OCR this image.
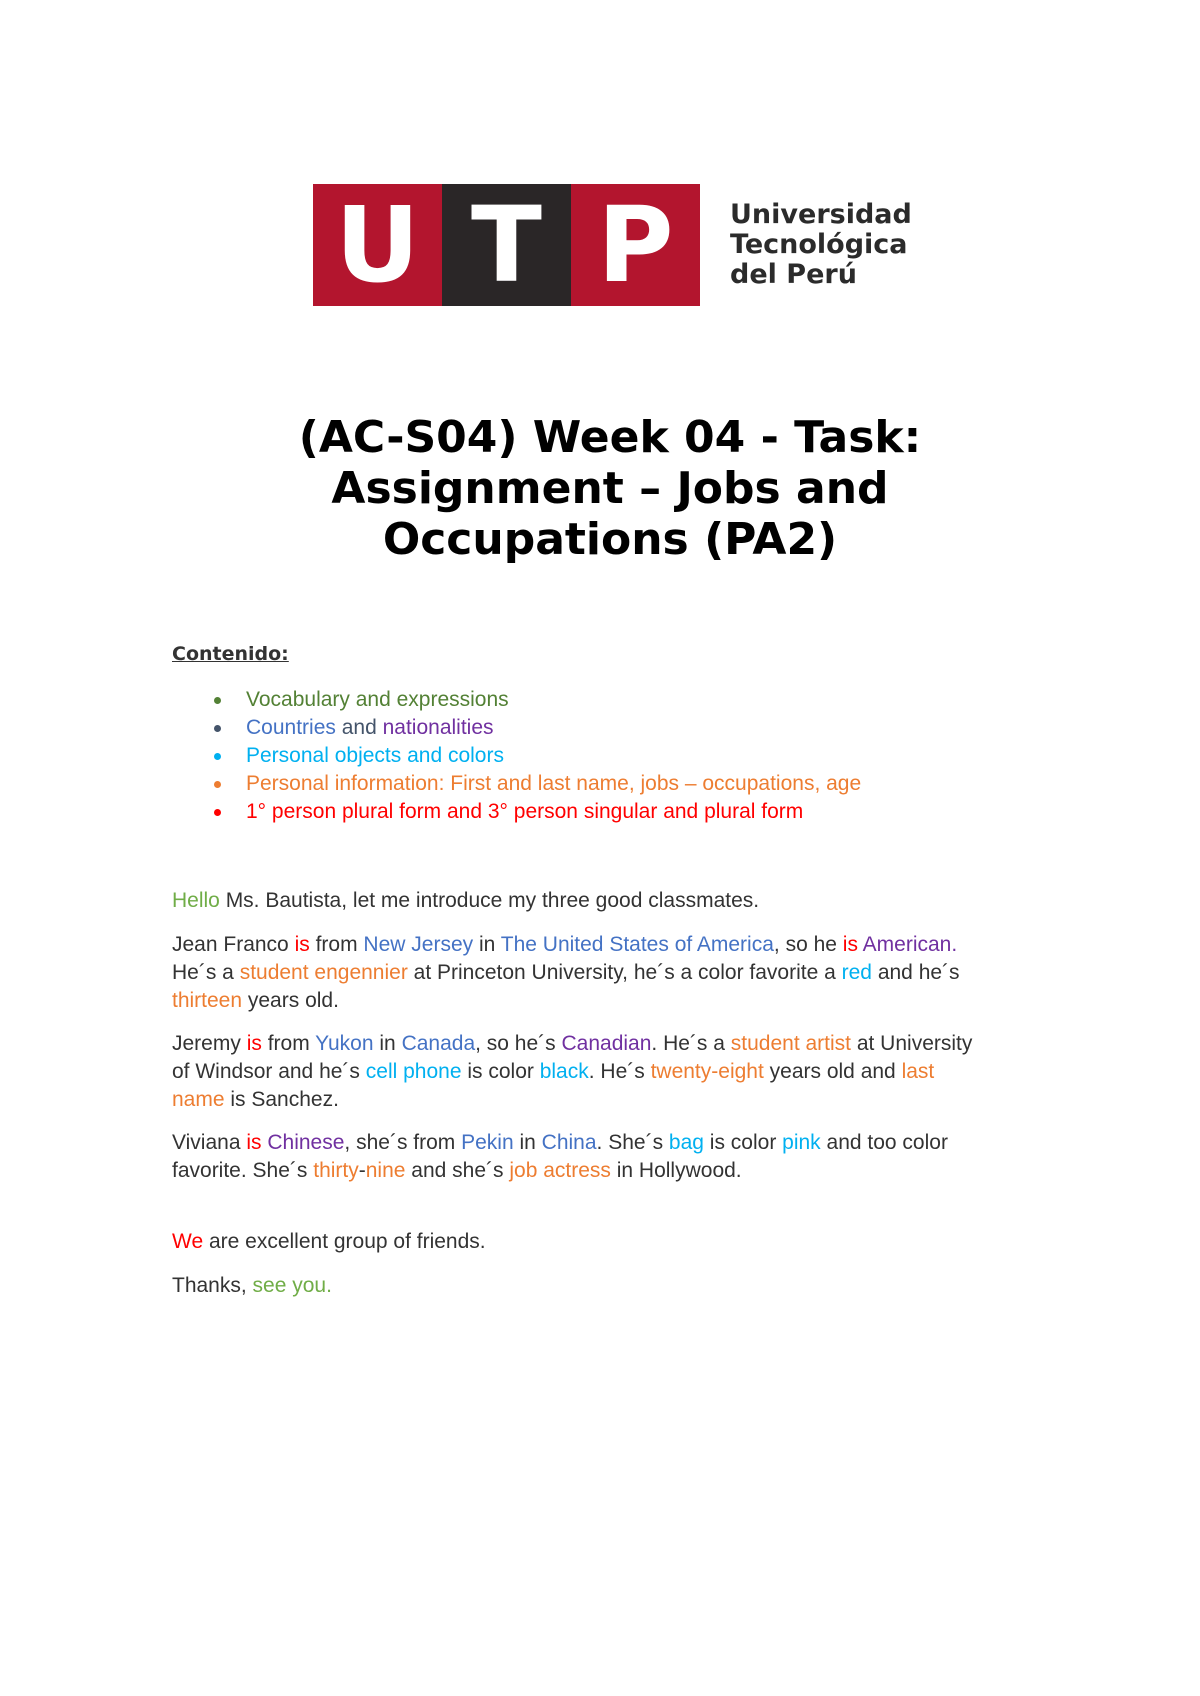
U T P	Universidad
Tecnológica
del Perú
(AC-S04) Week 04 - Task:
Assignment – Jobs and
Occupations (PA2)
Contenido:
Vocabulary and expressions
Countries and nationalities
Personal objects and colors
Personal information: First and last name, jobs – occupations, age
1° person plural form and 3° person singular and plural form
Hello Ms. Bautista, let me introduce my three good classmates.
Jean Franco is from New Jersey in The United States of America, so he is American.
He´s a student engennier at Princeton University, he´s a color favorite a red and he´s
thirteen years old.
Jeremy is from Yukon in Canada, so he´s Canadian. He´s a student artist at University
of Windsor and he´s cell phone is color black. He´s twenty-eight years old and last
name is Sanchez.
Viviana is Chinese, she´s from Pekin in China. She´s bag is color pink and too color
favorite. She´s thirty-nine and she´s job actress in Hollywood.
We are excellent group of friends.
Thanks, see you.
